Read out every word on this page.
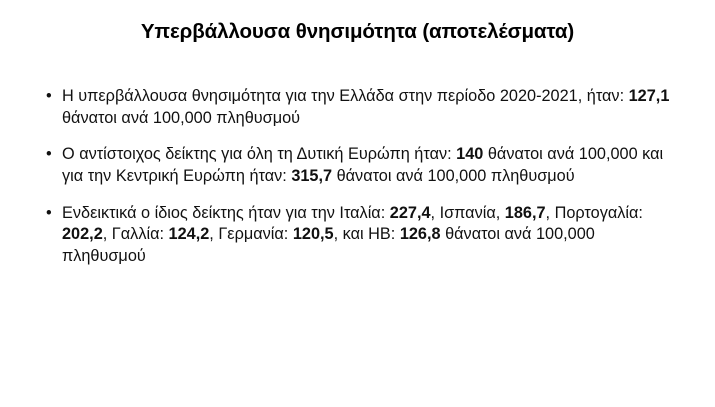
Υπερβάλλουσα θνησιμότητα (αποτελέσματα)
• Η υπερβάλλουσα θνησιμότητα για την Ελλάδα στην περίοδο 2020-2021, ήταν: 127,1 θάνατοι ανά 100,000 πληθυσμού
• Ο αντίστοιχος δείκτης για όλη τη Δυτική Ευρώπη ήταν: 140 θάνατοι ανά 100,000 και για την Κεντρική Ευρώπη ήταν: 315,7 θάνατοι ανά 100,000 πληθυσμού
• Ενδεικτικά ο ίδιος δείκτης ήταν για την Ιταλία: 227,4, Ισπανία, 186,7, Πορτογαλία: 202,2, Γαλλία: 124,2, Γερμανία: 120,5, και ΗΒ: 126,8 θάνατοι ανά 100,000 πληθυσμού
